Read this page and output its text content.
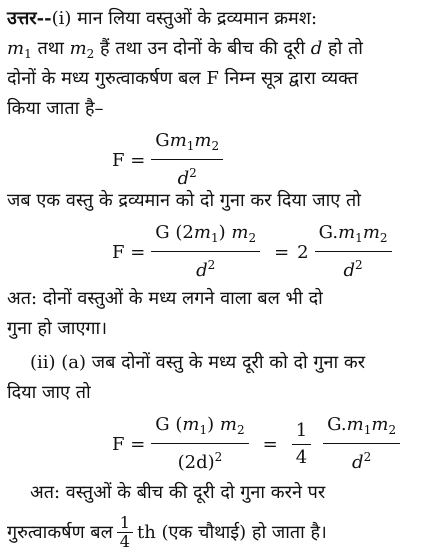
उत्तर--(i) मान लिया वस्तुओं के द्रव्यमान क्रमश:
$m_1$ तथा $m_2$ हैं तथा उन दोनों के बीच की दूरी d हो तो
दोनों के मध्य गुरुत्वाकर्षण बल F निम्न सूत्र द्वारा व्यक्त
किया जाता है–
$F = \frac{Gm_1m_2}{d^2}$
जब एक वस्तु के द्रव्यमान को दो गुना कर दिया जाए तो
$F = \frac{G (2m_1) m_2}{d^2} = 2 \frac{G.m_1m_2}{d^2}$
अत: दोनों वस्तुओं के मध्य लगने वाला बल भी दो
गुना हो जाएगा।
(ii) (a) जब दोनों वस्तु के मध्य दूरी को दो गुना कर
दिया जाए तो
$F = \frac{G (m_1) m_2}{(2d)^2} = \frac{1}{4} \frac{G.m_1m_2}{d^2}$
अत: वस्तुओं के बीच की दूरी दो गुना करने पर
गुरुत्वाकर्षण बल $\frac{1}{4}$ th (एक चौथाई) हो जाता है।
